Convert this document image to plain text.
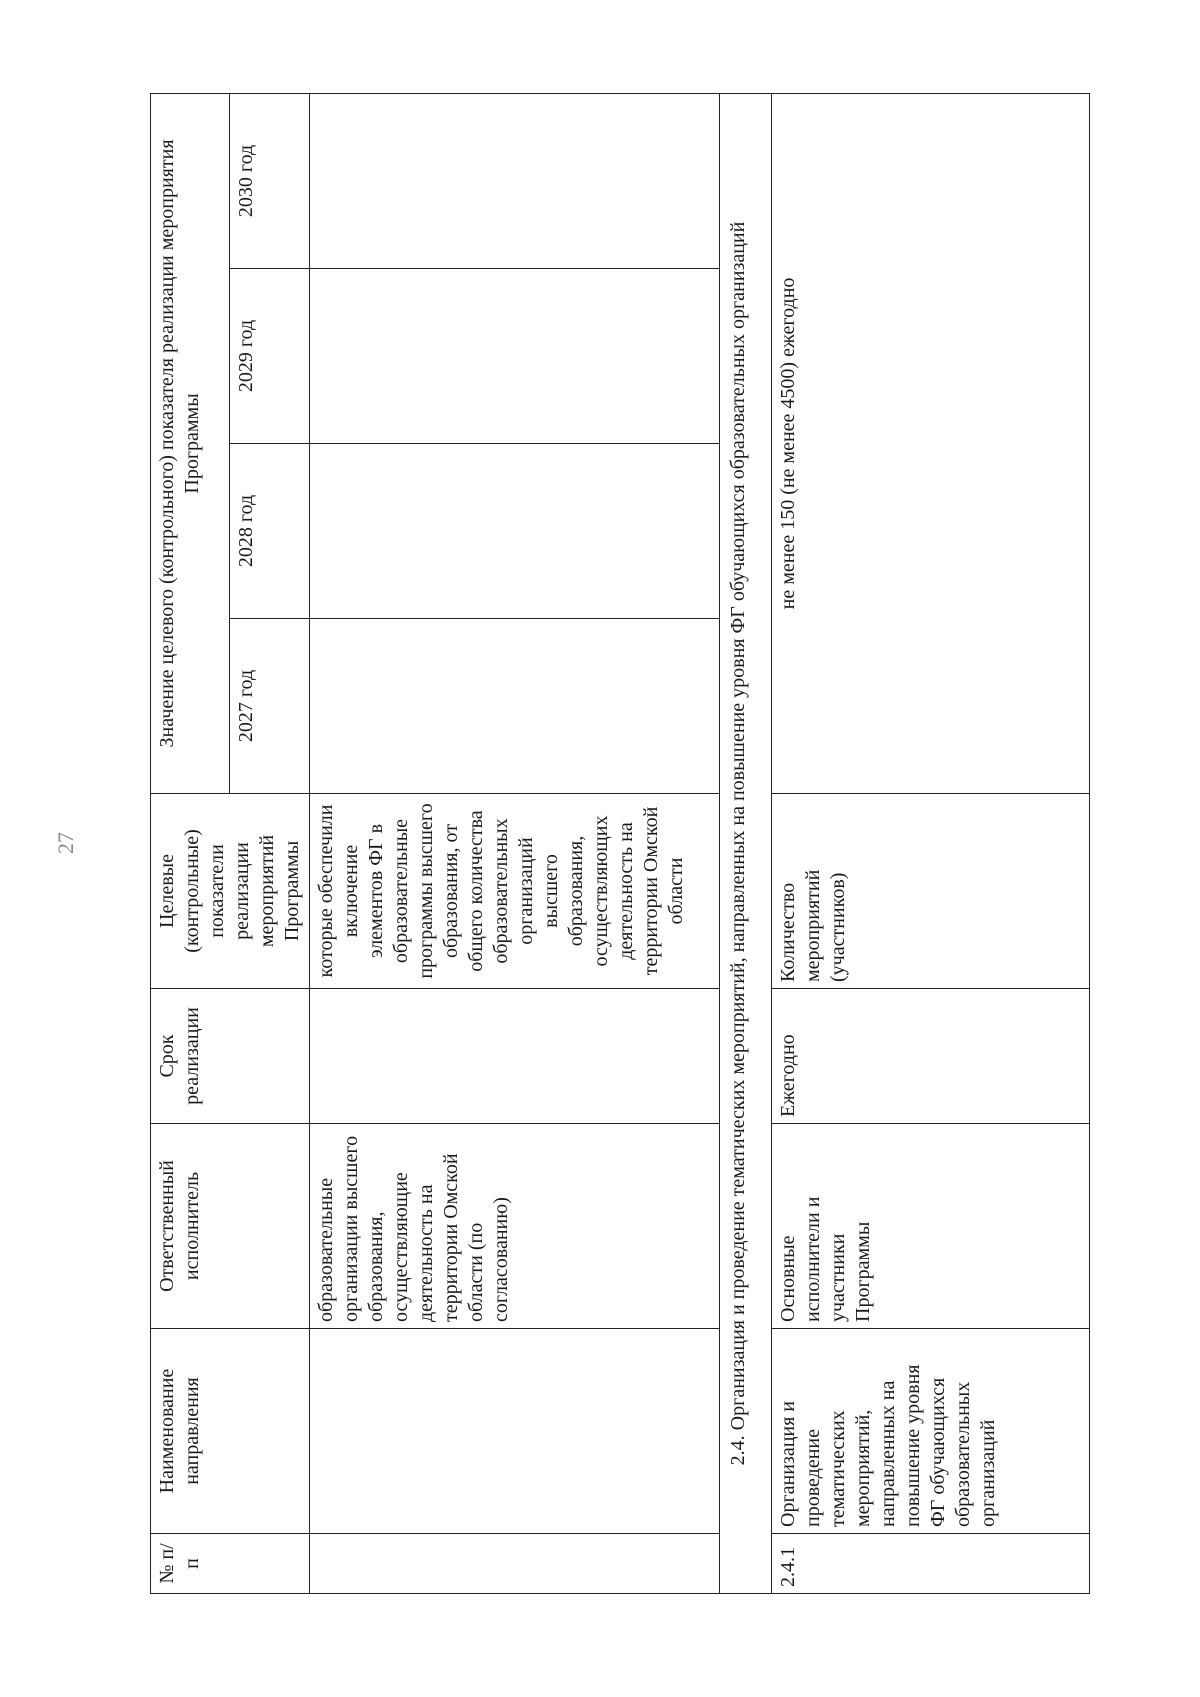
27
№ п/п	Наименование направления	Ответственный исполнитель	Срок реализации	Целевые (контрольные) показатели реализации мероприятий Программы	Значение целевого (контрольного) показателя реализации мероприятия Программы			
					2027 год	2028 год	2029 год	2030 год
		образовательные организации высшего образования, осуществляющие деятельность на территории Омской области (по согласованию)		которые обеспечили включение элементов ФГ в образовательные программы высшего образования, от общего количества образовательных организаций высшего образования, осуществляющих деятельность на территории Омской области				
2.4. Организация и проведение тематических мероприятий, направленных на повышение уровня ФГ обучающихся образовательных организаций								
2.4.1	Организация и проведение тематических мероприятий, направленных на повышение уровня ФГ обучающихся образовательных организаций	Основные исполнители и участники Программы	Ежегодно	Количество мероприятий (участников)	не менее 150 (не менее 4500) ежегодно			
